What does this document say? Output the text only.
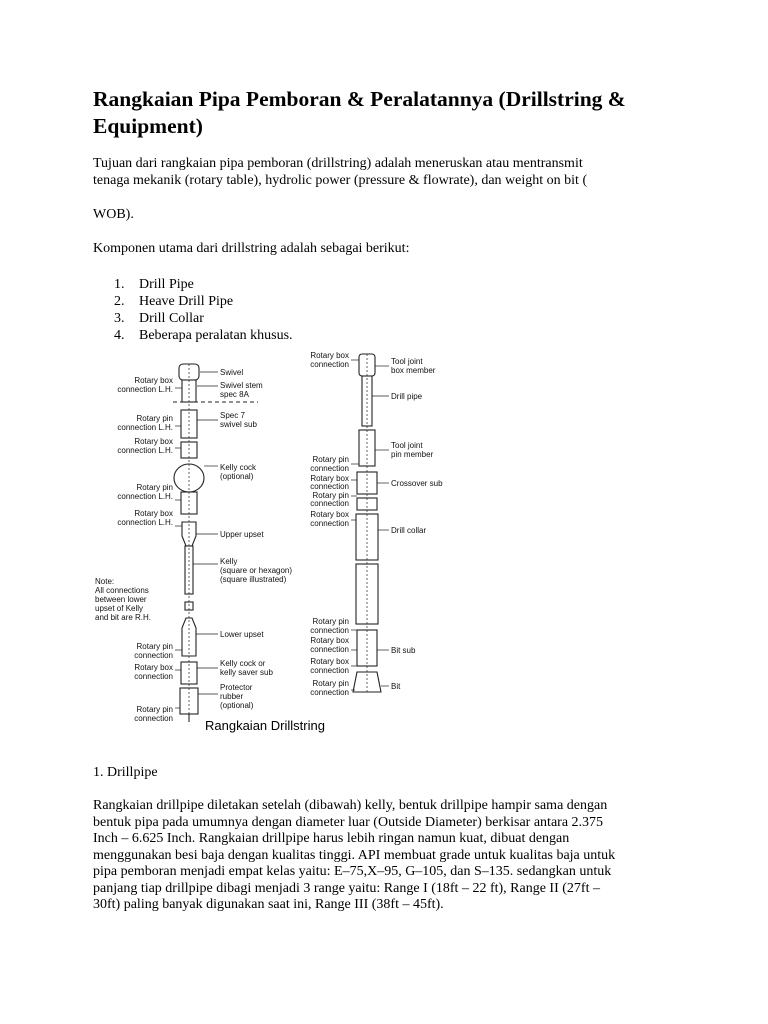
Rangkaian Pipa Pemboran & Peralatannya (Drillstring & Equipment)

Tujuan dari rangkaian pipa pemboran (drillstring) adalah meneruskan atau mentransmit

tenaga mekanik (rotary table), hydrolic power (pressure & flowrate), dan weight on bit (

WOB).

Komponen utama dari drillstring adalah sebagai berikut:

1. Drill Pipe
2. Heave Drill Pipe
3. Drill Collar
4. Beberapa peralatan khusus.
Rotary box
connection L.H.
Rotary pin
connection L.H.
Rotary box
connection L.H.
Rotary pin
connection L.H.
Rotary box
connection L.H.
Note:
All connections
between lower
upset of Kelly
and bit are R.H.
Rotary pin
connection
Rotary box
connection
Rotary pin
connection
Swivel
Swivel stem
spec 8A
Spec 7
swivel sub
Kelly cock
(optional)
Upper upset
Kelly
(square or hexagon)
(square illustrated)
Lower upset
Kelly cock or
kelly saver sub
Protector
rubber
(optional)
Rotary box
connection
Rotary pin
connection
Rotary box
connection
Rotary pin
connection
Rotary box
connection
Rotary pin
connection
Rotary box
connection
Rotary box
connection
Rotary pin
connection
Tool joint
box member
Drill pipe
Tool joint
pin member
Crossover sub
Drill collar
Bit sub
Bit
Rangkaian Drillstring

1. Drillpipe

Rangkaian drillpipe diletakan setelah (dibawah) kelly, bentuk drillpipe hampir sama dengan
bentuk pipa pada umumnya dengan diameter luar (Outside Diameter) berkisar antara 2.375
Inch – 6.625 Inch. Rangkaian drillpipe harus lebih ringan namun kuat, dibuat dengan
menggunakan besi baja dengan kualitas tinggi. API membuat grade untuk kualitas baja untuk
pipa pemboran menjadi empat kelas yaitu: E–75,X–95, G–105, dan S–135. sedangkan untuk
panjang tiap drillpipe dibagi menjadi 3 range yaitu: Range I (18ft – 22 ft), Range II (27ft –
30ft) paling banyak digunakan saat ini, Range III (38ft – 45ft).
